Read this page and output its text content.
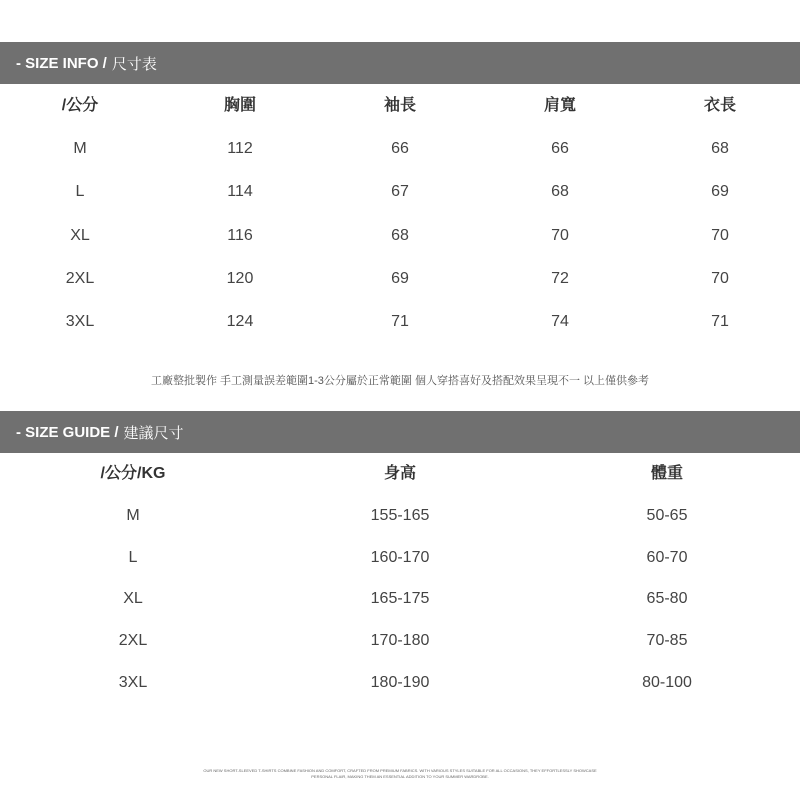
- SIZE INFO / 尺寸表
/公分	胸圍	袖長	肩寬	衣長
M	112	66	66	68
L	114	67	68	69
XL	116	68	70	70
2XL	120	69	72	70
3XL	124	71	74	71
工廠整批製作 手工測量誤差範圍1-3公分屬於正常範圍 個人穿搭喜好及搭配效果呈現不一 以上僅供參考
- SIZE GUIDE / 建議尺寸
/公分/KG	身高	體重
M	155-165	50-65
L	160-170	60-70
XL	165-175	65-80
2XL	170-180	70-85
3XL	180-190	80-100
OUR NEW SHORT-SLEEVED T-SHIRTS COMBINE FASHION AND COMFORT, CRAFTED FROM PREMIUM FABRICS. WITH VARIOUS STYLES SUITABLE FOR ALL OCCASIONS, THEY EFFORTLESSLY SHOWCASE PERSONAL FLAIR, MAKING THEM AN ESSENTIAL ADDITION TO YOUR SUMMER WARDROBE.
